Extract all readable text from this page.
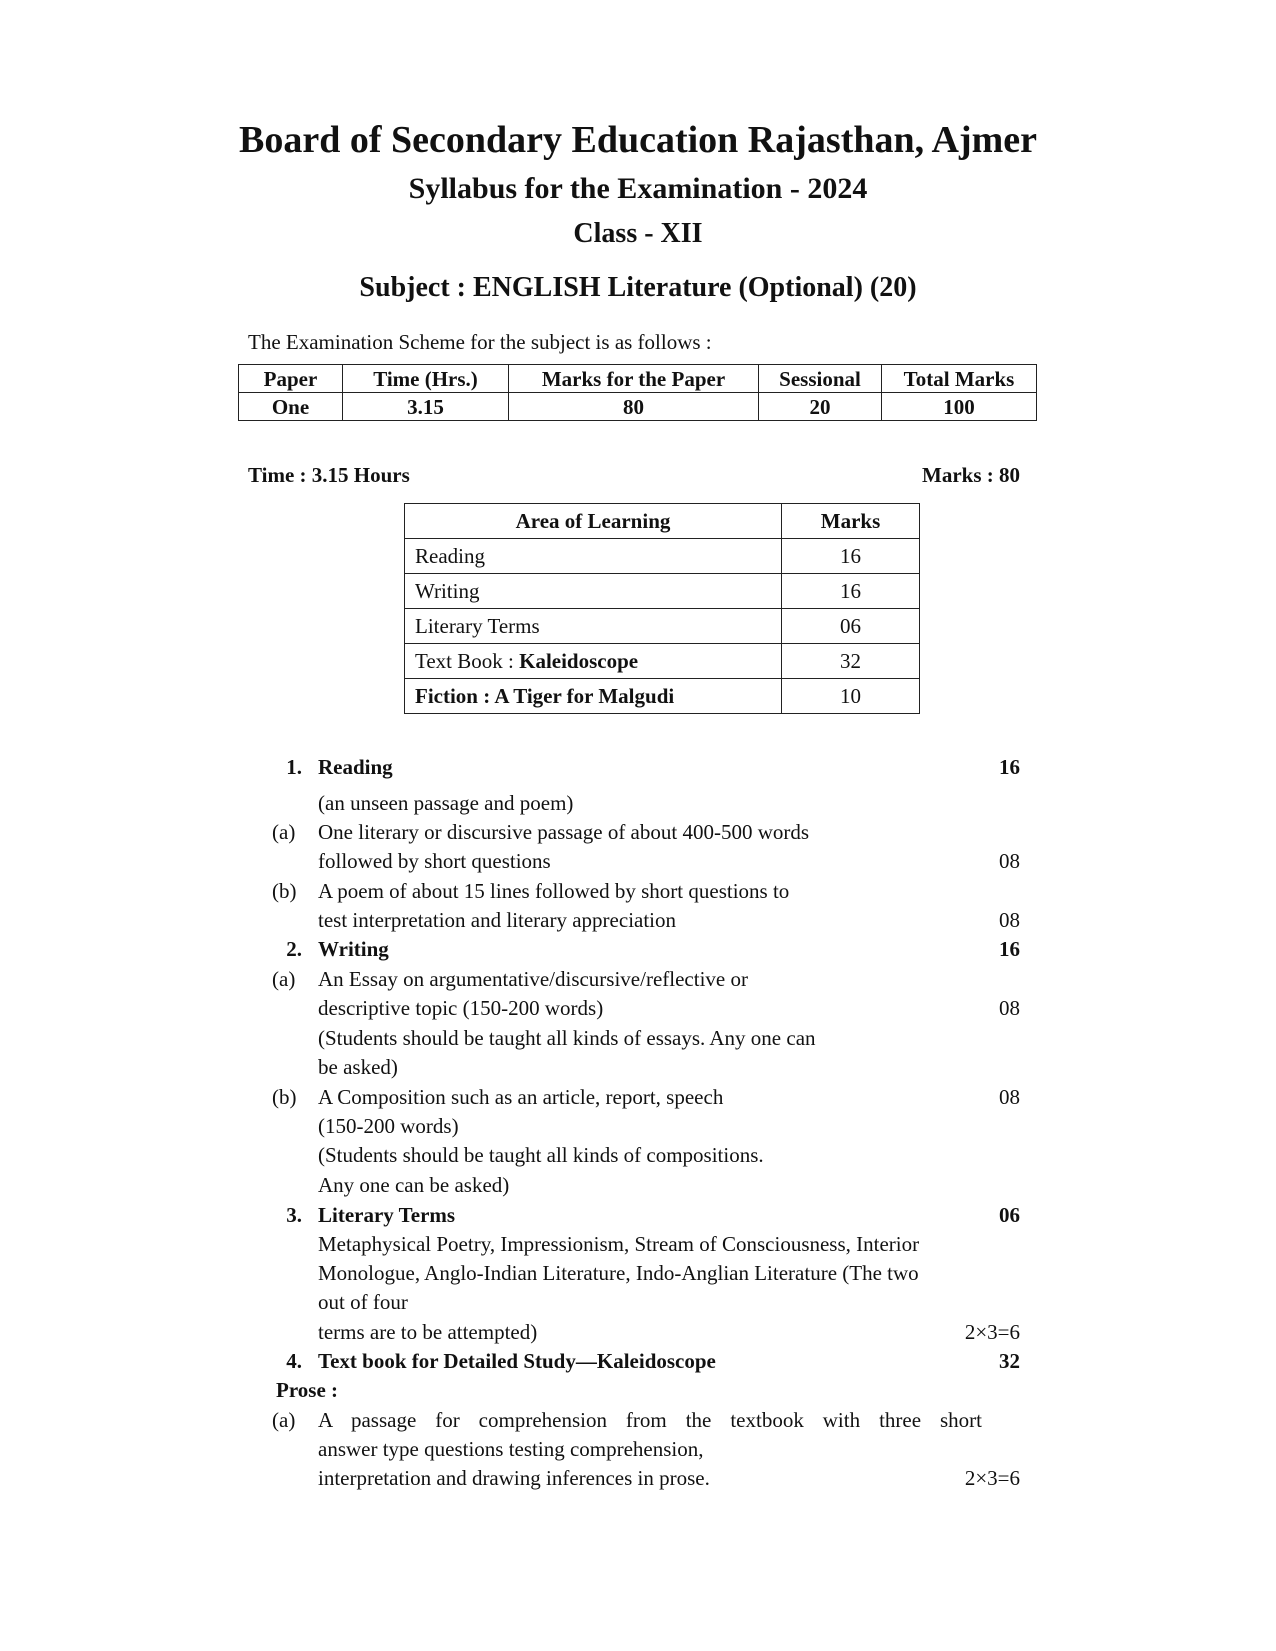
Board of Secondary Education Rajasthan, Ajmer
Syllabus for the Examination - 2024
Class - XII
Subject : ENGLISH Literature (Optional) (20)
The Examination Scheme for the subject is as follows :
Paper	Time (Hrs.)	Marks for the Paper	Sessional	Total Marks
One	3.15	80	20	100
Time : 3.15 Hours	Marks : 80
Area of Learning	Marks
Reading	16
Writing	16
Literary Terms	06
Text Book : Kaleidoscope	32
Fiction : A Tiger for Malgudi	10
1. Reading	16
(an unseen passage and poem)
(a) One literary or discursive passage of about 400-500 words
followed by short questions	08
(b) A poem of about 15 lines followed by short questions to
test interpretation and literary appreciation	08
2. Writing	16
(a) An Essay on argumentative/discursive/reflective or
descriptive topic (150-200 words)	08
(Students should be taught all kinds of essays. Any one can
be asked)
(b) A Composition such as an article, report, speech	08
(150-200 words)
(Students should be taught all kinds of compositions.
Any one can be asked)
3. Literary Terms	06
Metaphysical Poetry, Impressionism, Stream of Consciousness, Interior
Monologue, Anglo-Indian Literature, Indo-Anglian Literature (The two
out of four
terms are to be attempted)	2×3=6
4. Text book for Detailed Study—Kaleidoscope	32
Prose :
(a) A passage for comprehension from the textbook with three short
answer type questions testing comprehension,
interpretation and drawing inferences in prose.	2×3=6
